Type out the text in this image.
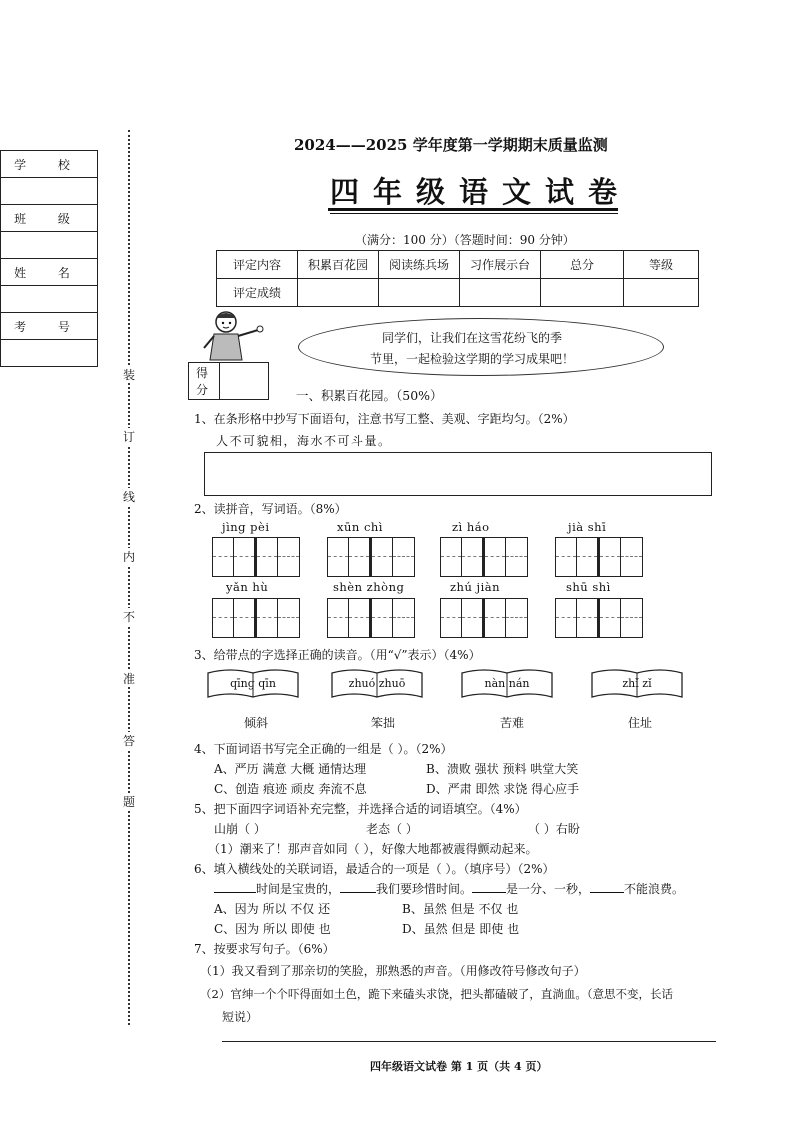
学 校

班 级

姓 名

考 号

装
订
线
内
不
准
答
题
2024——2025 学年度第一学期期末质量监测
四年级语文试卷
（满分：100 分）（答题时间：90 分钟）
评定内容	积累百花园	阅读练兵场	习作展示台	总分	等级
评定成绩					
同学们，让我们在这雪花纷飞的季
节里，一起检验这学期的学习成果吧！
得 分		一、积累百花园。（50%）
1、在条形格中抄写下面语句，注意书写工整、美观、字距均匀。（2%）
人不可貌相，海水不可斗量。
2、读拼音，写词语。（8%）
jìng pèi	xūn chì	zì háo	jià shī
yǎn hù	shèn zhòng	zhú jiàn	shū shì
3、给带点的字选择正确的读音。（用“√”表示）（4%）
qīng qīn	zhuó zhuō	nàn nán	zhǐ zǐ
倾斜	笨拙	苦难	住址
4、下面词语书写完全正确的一组是（ ）。（2%）
A、严历 满意 大概 通情达理	B、溃败 强状 预料 哄堂大笑
C、创造 痕迹 顽皮 奔流不息	D、严肃 即然 求饶 得心应手
5、把下面四字词语补充完整，并选择合适的词语填空。（4%）
山崩（ ）	老态（ ）	（ ）右盼
（1）潮来了！那声音如同（ ），好像大地都被震得颤动起来。
6、填入横线处的关联词语，最适合的一项是（ ）。（填序号）（2%）
时间是宝贵的，	我们要珍惜时间。	是一分、一秒，	不能浪费。
A、因为 所以 不仅 还	B、虽然 但是 不仅 也
C、因为 所以 即使 也	D、虽然 但是 即使 也
7、按要求写句子。（6%）
（1）我又看到了那亲切的笑脸，那熟悉的声音。（用修改符号修改句子）
（2）官绅一个个吓得面如土色，跪下来磕头求饶，把头都磕破了，直淌血。（意思不变，长话
短说）
四年级语文试卷 第 1 页（共 4 页）
